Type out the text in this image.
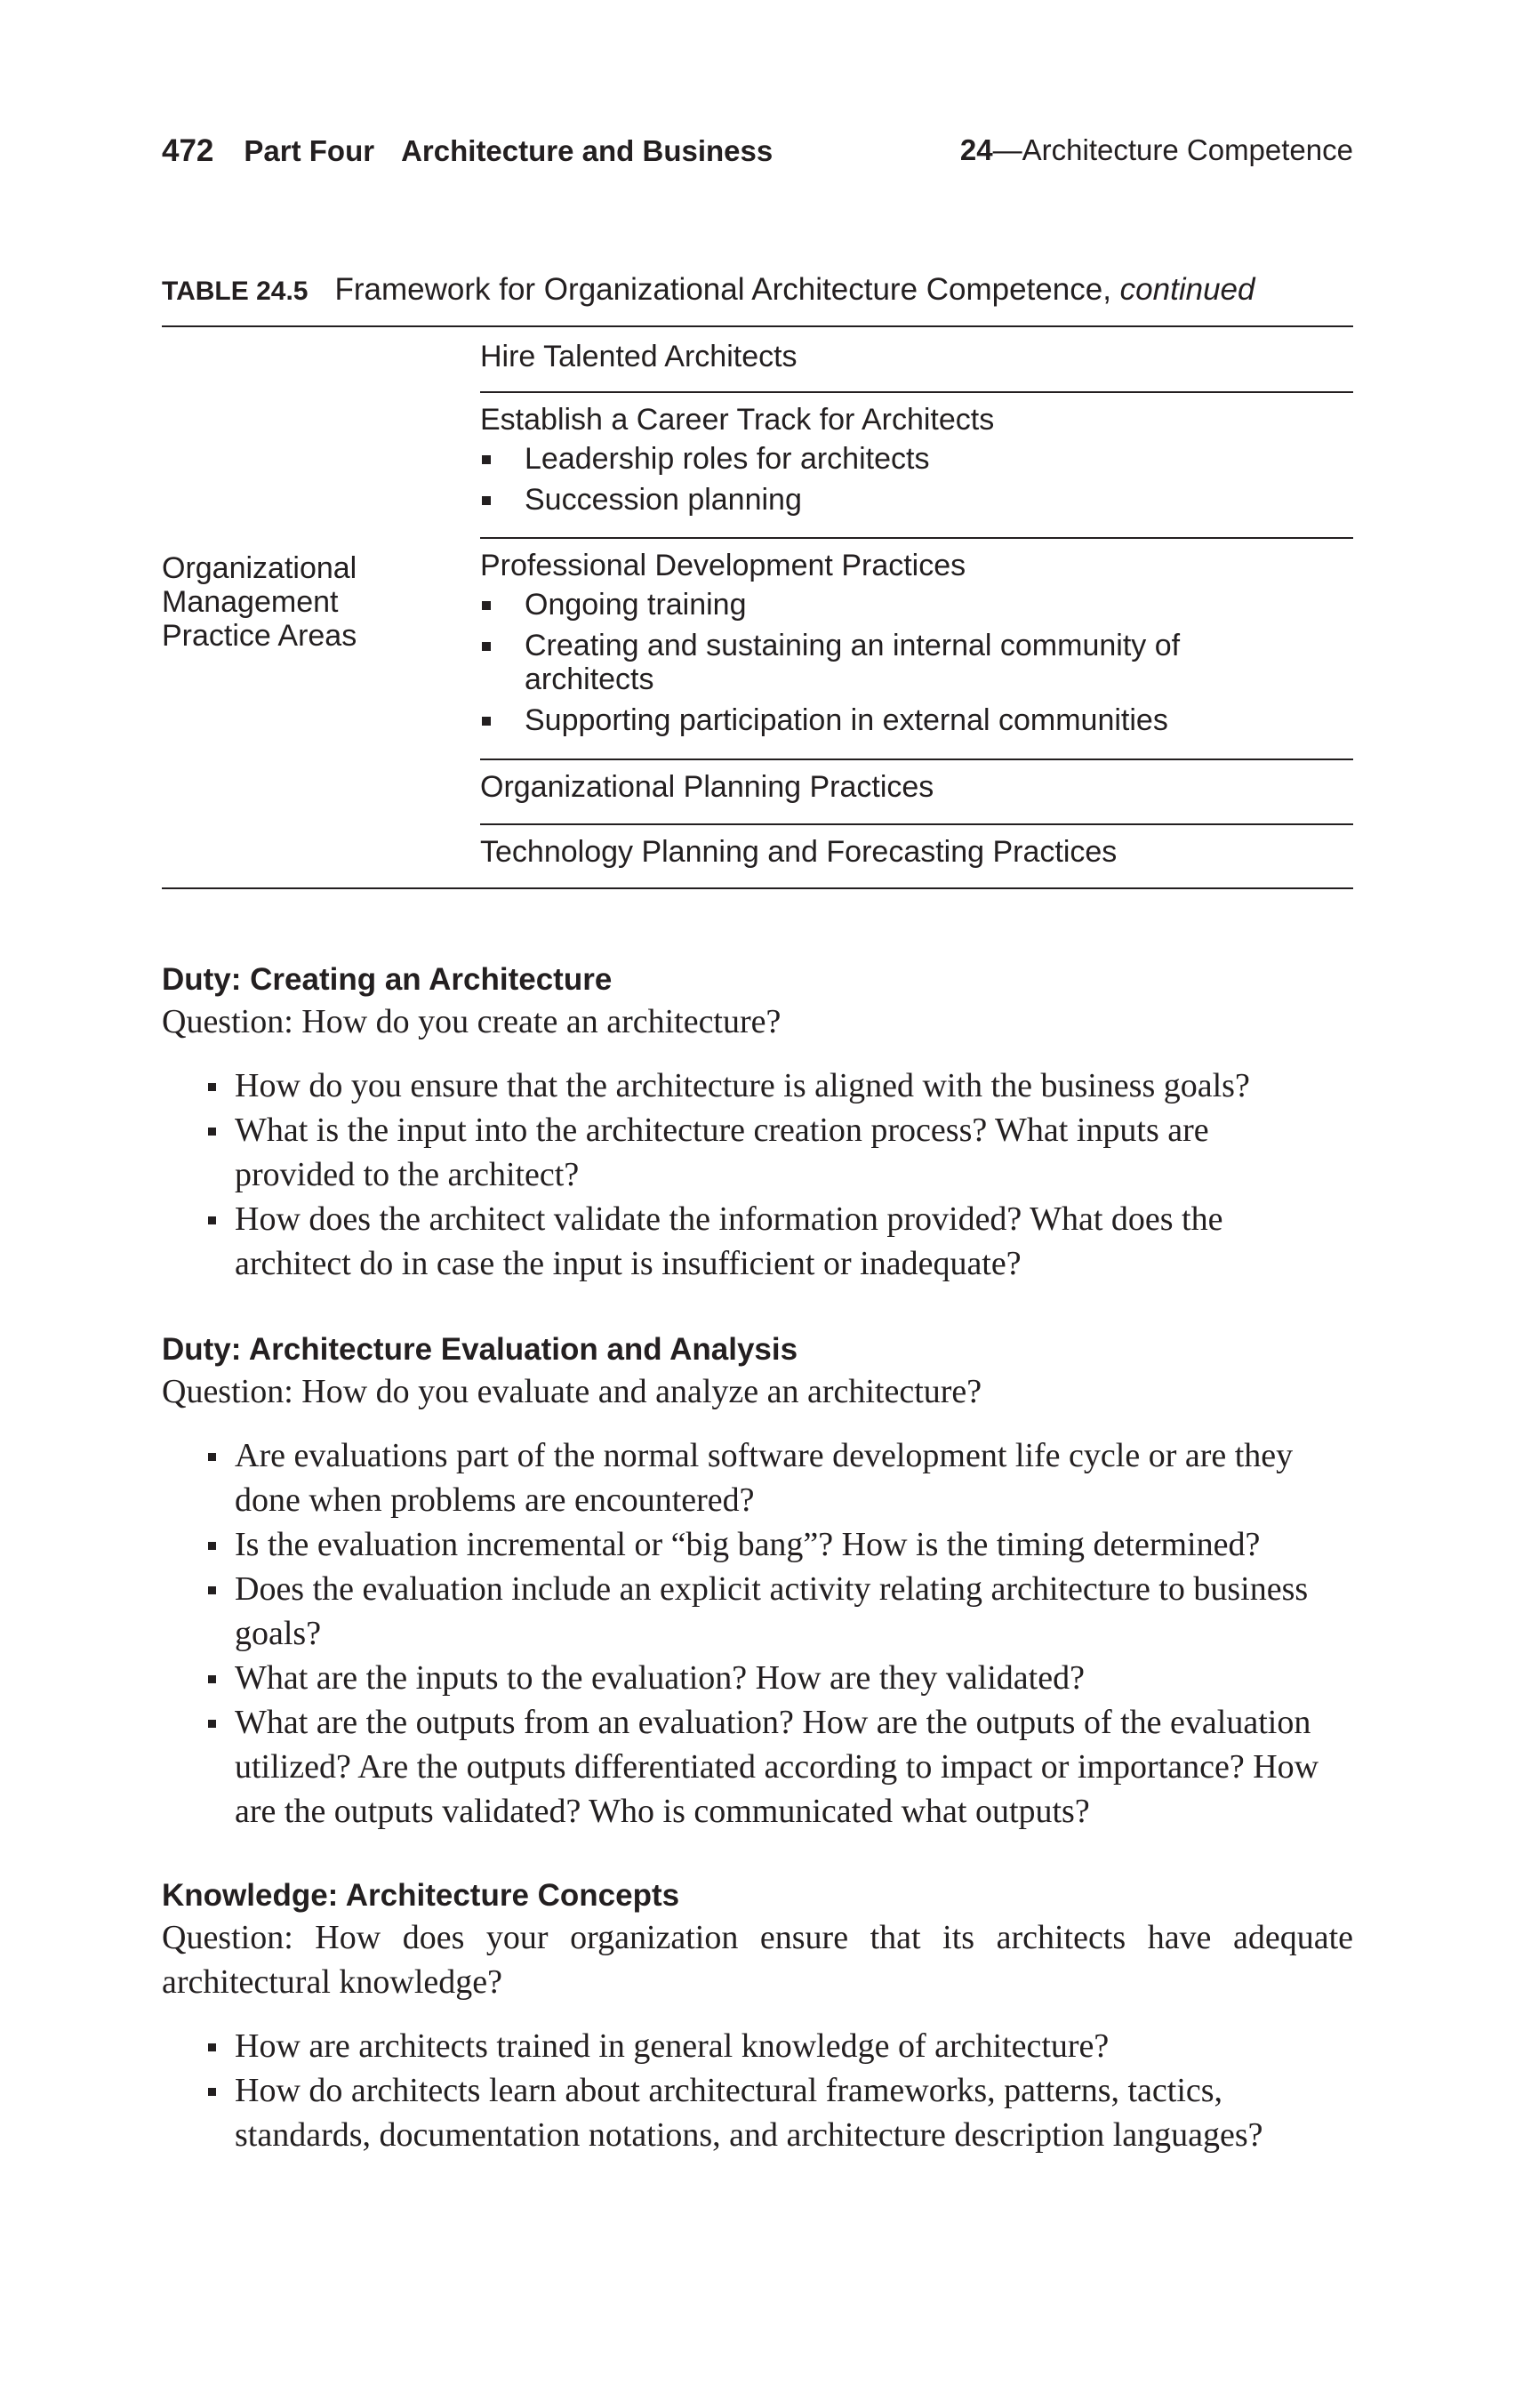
472 Part Four Architecture and Business	24—Architecture Competence
TABLE 24.5 Framework for Organizational Architecture Competence, continued
Organizational
Management
Practice Areas
Hire Talented Architects
Establish a Career Track for Architects
Leadership roles for architects
Succession planning
Professional Development Practices
Ongoing training
Creating and sustaining an internal community of architects
Supporting participation in external communities
Organizational Planning Practices
Technology Planning and Forecasting Practices
Duty: Creating an Architecture

Question: How do you create an architecture?

How do you ensure that the architecture is aligned with the business goals?
What is the input into the architecture creation process? What inputs are provided to the architect?
How does the architect validate the information provided? What does the architect do in case the input is insufficient or inadequate?
Duty: Architecture Evaluation and Analysis

Question: How do you evaluate and analyze an architecture?

Are evaluations part of the normal software development life cycle or are they done when problems are encountered?
Is the evaluation incremental or “big bang”? How is the timing determined?
Does the evaluation include an explicit activity relating architecture to business goals?
What are the inputs to the evaluation? How are they validated?
What are the outputs from an evaluation? How are the outputs of the evaluation utilized? Are the outputs differentiated according to impact or importance? How are the outputs validated? Who is communicated what outputs?
Knowledge: Architecture Concepts

Question: How does your organization ensure that its architects have adequate architectural knowledge?

How are architects trained in general knowledge of architecture?
How do architects learn about architectural frameworks, patterns, tactics, standards, documentation notations, and architecture description languages?
